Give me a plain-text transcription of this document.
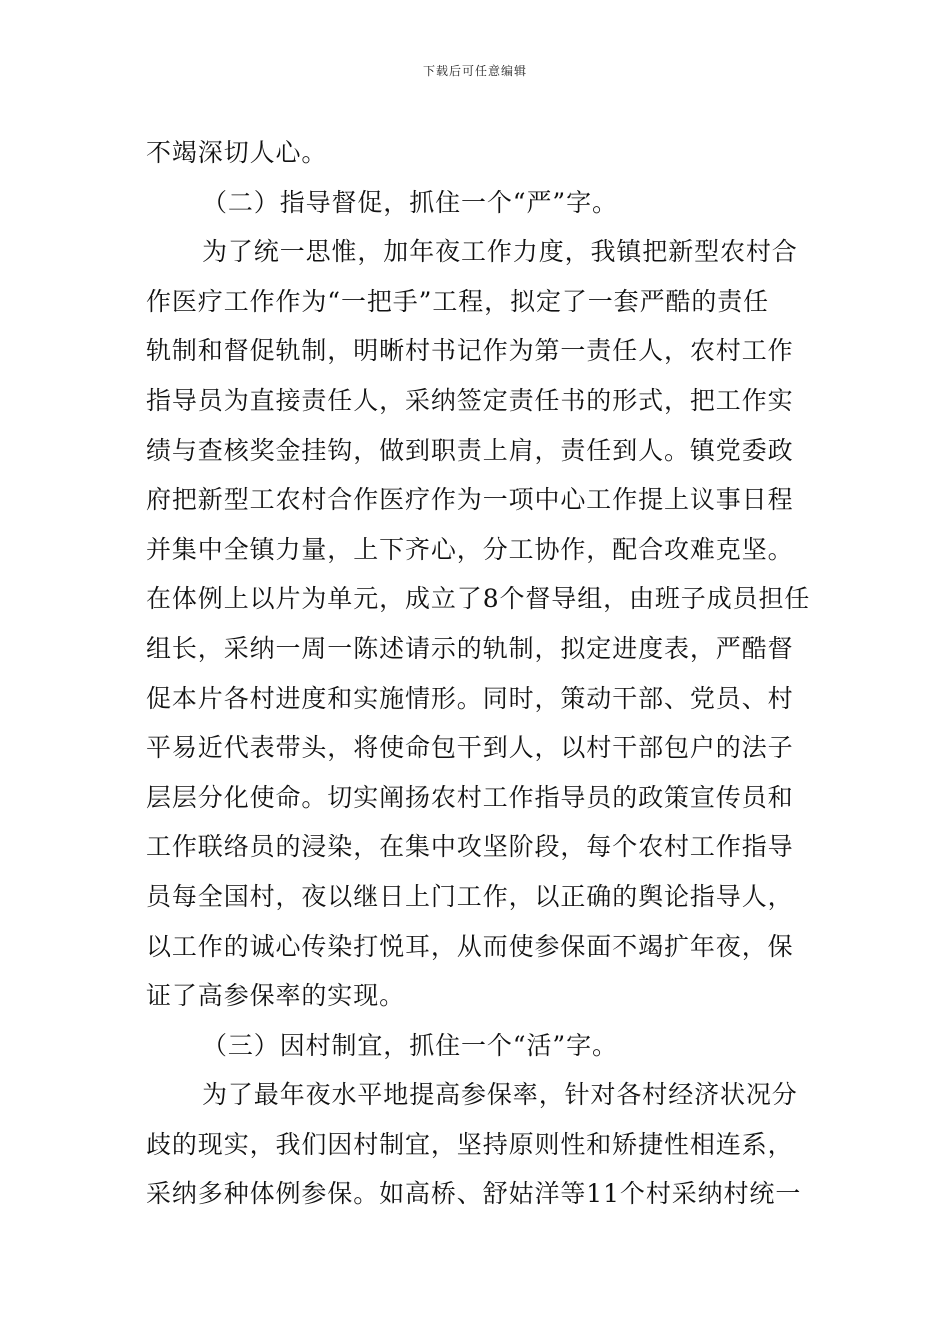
下载后可任意编辑
不竭深切人心。
（二）指导督促，抓住一个“严”字。
为了统一思惟，加年夜工作力度，我镇把新型农村合
作医疗工作作为“一把手”工程，拟定了一套严酷的责任
轨制和督促轨制，明晰村书记作为第一责任人，农村工作
指导员为直接责任人，采纳签定责任书的形式，把工作实
绩与查核奖金挂钩，做到职责上肩，责任到人。镇党委政
府把新型工农村合作医疗作为一项中心工作提上议事日程
并集中全镇力量，上下齐心，分工协作，配合攻难克坚。
在体例上以片为单元，成立了8个督导组，由班子成员担任
组长，采纳一周一陈述请示的轨制，拟定进度表，严酷督
促本片各村进度和实施情形。同时，策动干部、党员、村
平易近代表带头，将使命包干到人，以村干部包户的法子
层层分化使命。切实阐扬农村工作指导员的政策宣传员和
工作联络员的浸染，在集中攻坚阶段，每个农村工作指导
员每全国村，夜以继日上门工作，以正确的舆论指导人，
以工作的诚心传染打悦耳，从而使参保面不竭扩年夜，保
证了高参保率的实现。
（三）因村制宜，抓住一个“活”字。
为了最年夜水平地提高参保率，针对各村经济状况分
歧的现实，我们因村制宜，坚持原则性和矫捷性相连系，
采纳多种体例参保。如高桥、舒姑洋等11个村采纳村统一
